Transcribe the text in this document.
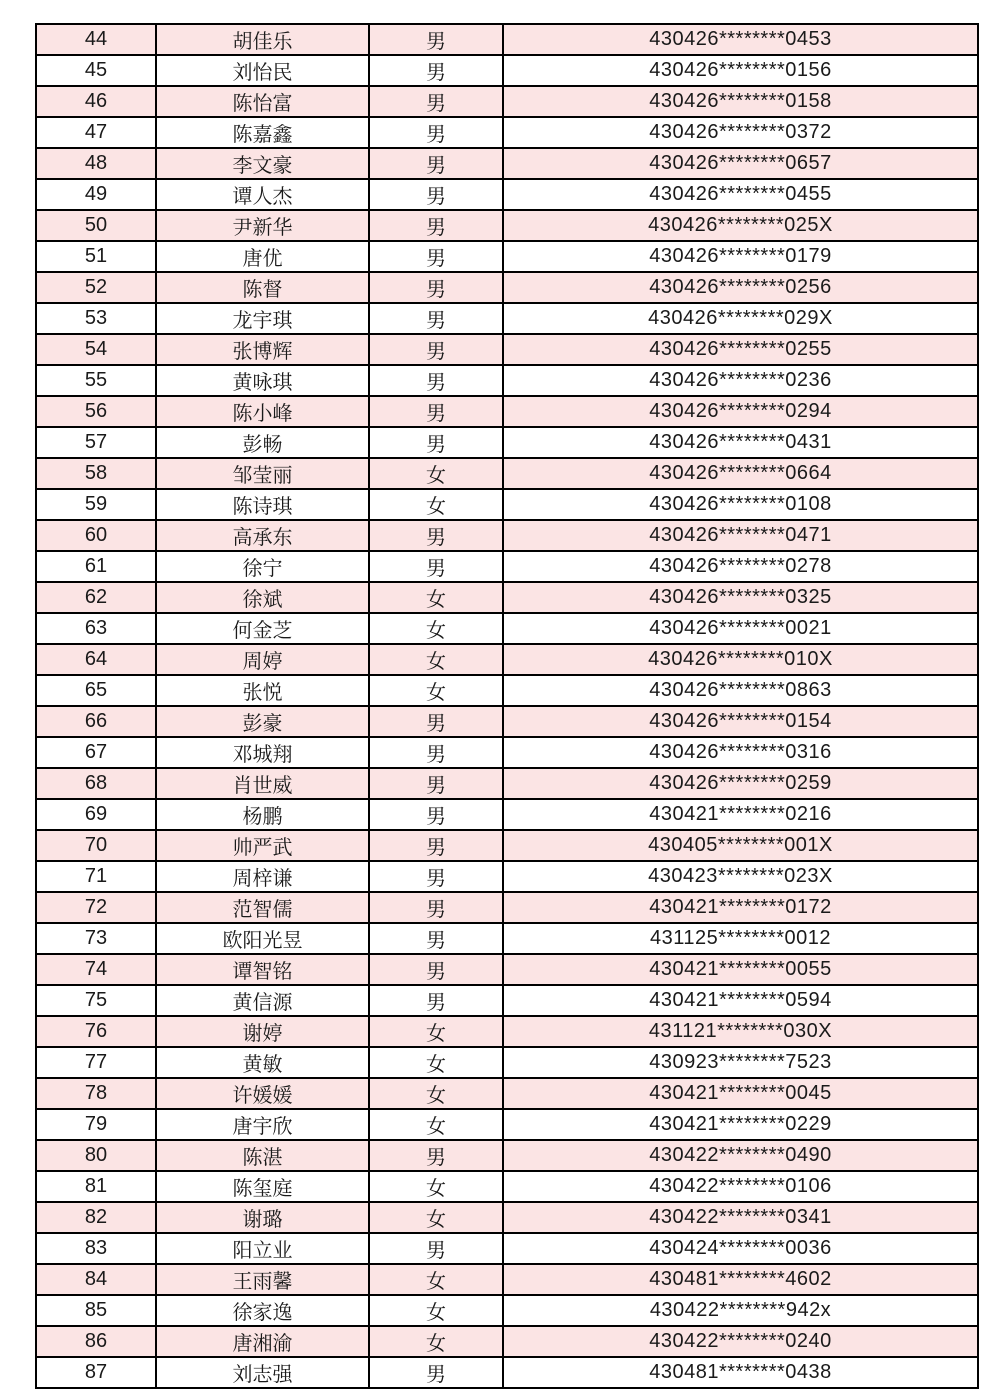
44	胡佳乐	男	430426********0453
45	刘怡民	男	430426********0156
46	陈怡富	男	430426********0158
47	陈嘉鑫	男	430426********0372
48	李文豪	男	430426********0657
49	谭人杰	男	430426********0455
50	尹新华	男	430426********025X
51	唐优	男	430426********0179
52	陈督	男	430426********0256
53	龙宇琪	男	430426********029X
54	张博辉	男	430426********0255
55	黄咏琪	男	430426********0236
56	陈小峰	男	430426********0294
57	彭畅	男	430426********0431
58	邹莹丽	女	430426********0664
59	陈诗琪	女	430426********0108
60	高承东	男	430426********0471
61	徐宁	男	430426********0278
62	徐斌	女	430426********0325
63	何金芝	女	430426********0021
64	周婷	女	430426********010X
65	张悦	女	430426********0863
66	彭豪	男	430426********0154
67	邓城翔	男	430426********0316
68	肖世威	男	430426********0259
69	杨鹏	男	430421********0216
70	帅严武	男	430405********001X
71	周梓谦	男	430423********023X
72	范智儒	男	430421********0172
73	欧阳光昱	男	431125********0012
74	谭智铭	男	430421********0055
75	黄信源	男	430421********0594
76	谢婷	女	431121********030X
77	黄敏	女	430923********7523
78	许媛媛	女	430421********0045
79	唐宇欣	女	430421********0229
80	陈湛	男	430422********0490
81	陈玺庭	女	430422********0106
82	谢璐	女	430422********0341
83	阳立业	男	430424********0036
84	王雨馨	女	430481********4602
85	徐家逸	女	430422********942x
86	唐湘渝	女	430422********0240
87	刘志强	男	430481********0438
